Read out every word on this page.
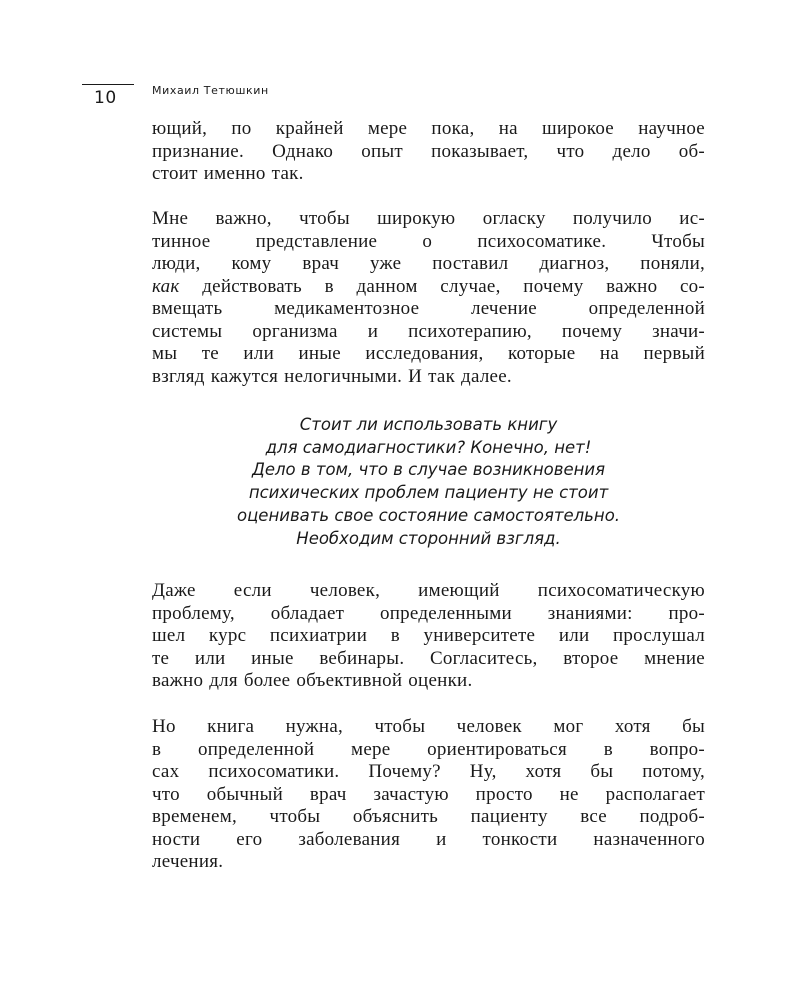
10	Михаил Тетюшкин

ющий, по крайней мере пока, на широкое научное
признание. Однако опыт показывает, что дело об-
стоит именно так.

Мне важно, чтобы широкую огласку получило ис-
тинное представление о психосоматике. Чтобы
люди, кому врач уже поставил диагноз, поняли,
как действовать в данном случае, почему важно со-
вмещать медикаментозное лечение определенной
системы организма и психотерапию, почему значи-
мы те или иные исследования, которые на первый
взгляд кажутся нелогичными. И так далее.

Стоит ли использовать книгу
для самодиагностики? Конечно, нет!
Дело в том, что в случае возникновения
психических проблем пациенту не стоит
оценивать свое состояние самостоятельно.
Необходим сторонний взгляд.

Даже если человек, имеющий психосоматическую
проблему, обладает определенными знаниями: про-
шел курс психиатрии в университете или прослушал
те или иные вебинары. Согласитесь, второе мнение
важно для более объективной оценки.

Но книга нужна, чтобы человек мог хотя бы
в определенной мере ориентироваться в вопро-
сах психосоматики. Почему? Ну, хотя бы потому,
что обычный врач зачастую просто не располагает
временем, чтобы объяснить пациенту все подроб-
ности его заболевания и тонкости назначенного
лечения.
